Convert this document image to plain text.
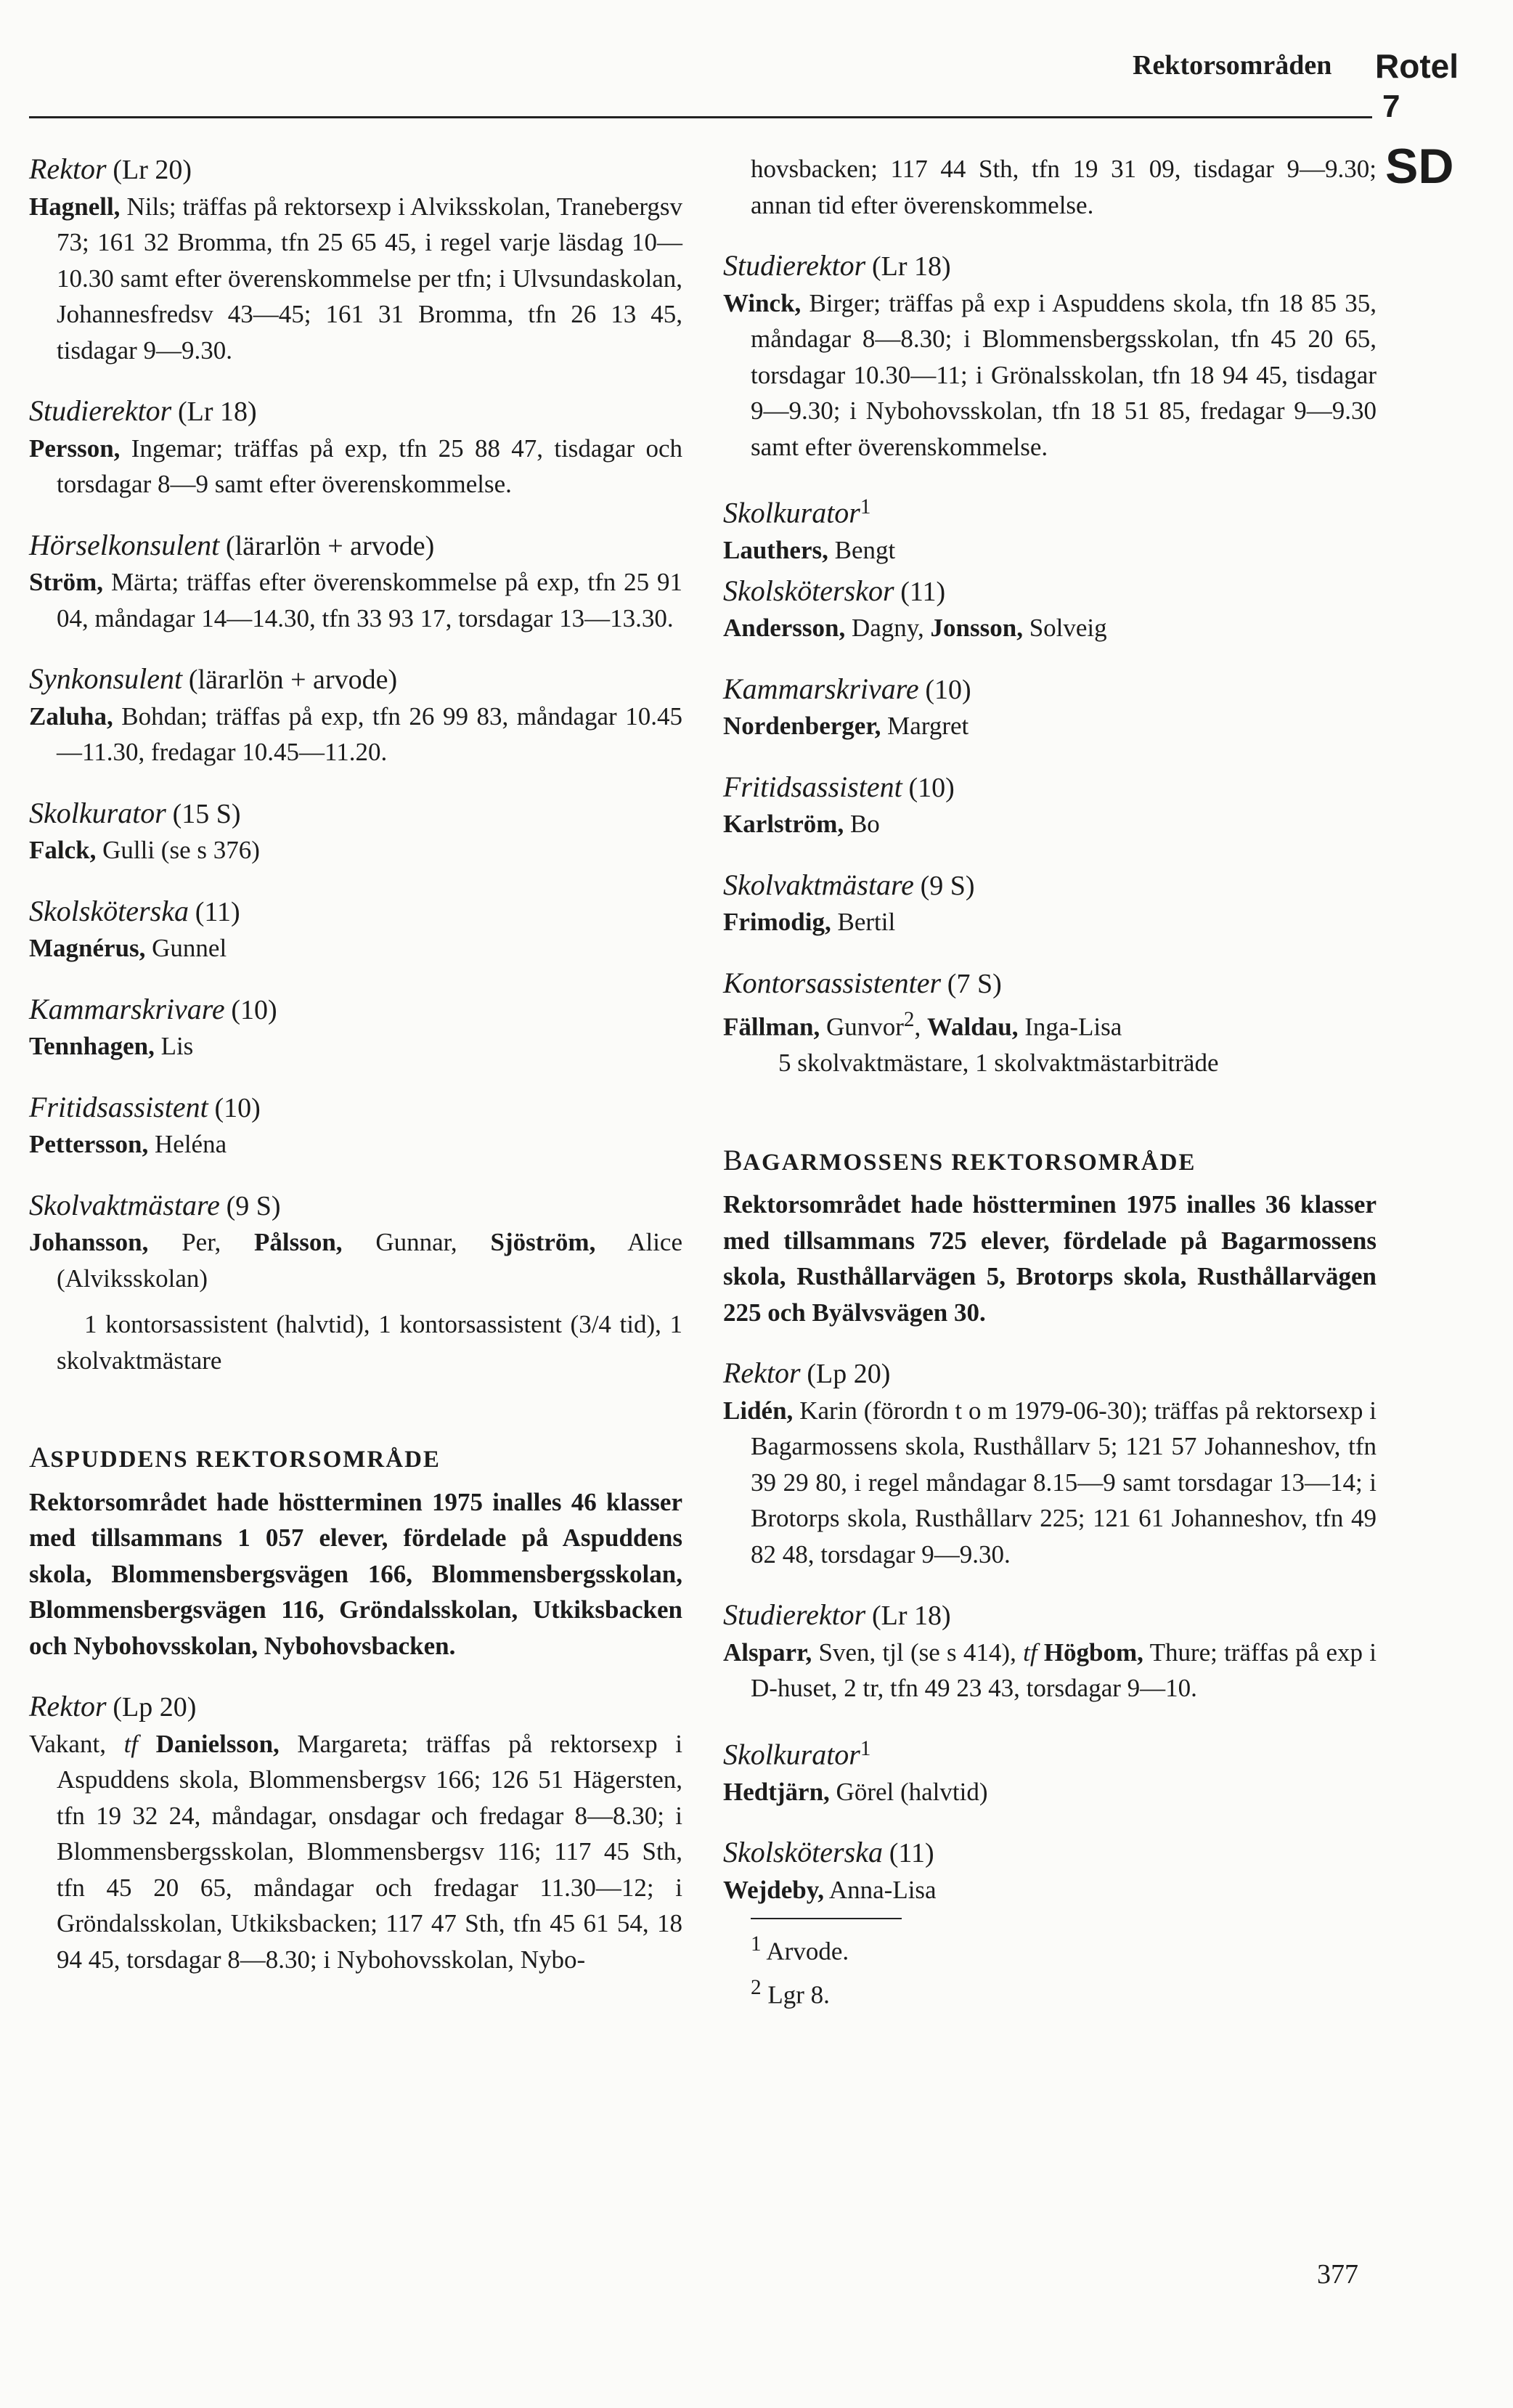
Rektorsområden Rotel
7
SD

Rektor (Lr 20)

Hagnell, Nils; träffas på rektorsexp i Alviksskolan, Tranebergsv 73; 161 32 Bromma, tfn 25 65 45, i regel varje läsdag 10—10.30 samt efter överenskommelse per tfn; i Ulvsundaskolan, Johannesfredsv 43—45; 161 31 Bromma, tfn 26 13 45, tisdagar 9—9.30.

Studierektor (Lr 18)

Persson, Ingemar; träffas på exp, tfn 25 88 47, tisdagar och torsdagar 8—9 samt efter överenskommelse.

Hörselkonsulent (lärarlön + arvode)

Ström, Märta; träffas efter överenskommelse på exp, tfn 25 91 04, måndagar 14—14.30, tfn 33 93 17, torsdagar 13—13.30.

Synkonsulent (lärarlön + arvode)

Zaluha, Bohdan; träffas på exp, tfn 26 99 83, måndagar 10.45—11.30, fredagar 10.45—11.20.

Skolkurator (15 S)

Falck, Gulli (se s 376)

Skolsköterska (11)

Magnérus, Gunnel

Kammarskrivare (10)

Tennhagen, Lis

Fritidsassistent (10)

Pettersson, Heléna

Skolvaktmästare (9 S)

Johansson, Per, Pålsson, Gunnar, Sjöström, Alice (Alviksskolan)

1 kontorsassistent (halvtid), 1 kontorsassistent (3/4 tid), 1 skolvaktmästare

ASPUDDENS REKTORSOMRÅDE

Rektorsområdet hade höstterminen 1975 inalles 46 klasser med tillsammans 1 057 elever, fördelade på Aspuddens skola, Blommensbergsvägen 166, Blommensbergsskolan, Blommensbergsvägen 116, Gröndalsskolan, Utkiksbacken och Nybohovsskolan, Nybohovsbacken.

Rektor (Lp 20)

Vakant, tf Danielsson, Margareta; träffas på rektorsexp i Aspuddens skola, Blommensbergsv 166; 126 51 Hägersten, tfn 19 32 24, måndagar, onsdagar och fredagar 8—8.30; i Blommensbergsskolan, Blommensbergsv 116; 117 45 Sth, tfn 45 20 65, måndagar och fredagar 11.30—12; i Gröndalsskolan, Utkiksbacken; 117 47 Sth, tfn 45 61 54, 18 94 45, torsdagar 8—8.30; i Nybohovsskolan, Nybo-

hovsbacken; 117 44 Sth, tfn 19 31 09, tisdagar 9—9.30; annan tid efter överenskommelse.

Studierektor (Lr 18)

Winck, Birger; träffas på exp i Aspuddens skola, tfn 18 85 35, måndagar 8—8.30; i Blommensbergsskolan, tfn 45 20 65, torsdagar 10.30—11; i Grönalsskolan, tfn 18 94 45, tisdagar 9—9.30; i Nybohovsskolan, tfn 18 51 85, fredagar 9—9.30 samt efter överenskommelse.

Skolkurator$^1$

Lauthers, Bengt

Skolsköterskor (11)

Andersson, Dagny, Jonsson, Solveig

Kammarskrivare (10)

Nordenberger, Margret

Fritidsassistent (10)

Karlström, Bo

Skolvaktmästare (9 S)

Frimodig, Bertil

Kontorsassistenter (7 S)

Fällman, Gunvor$^2$, Waldau, Inga-Lisa

5 skolvaktmästare, 1 skolvaktmästarbiträde

BAGARMOSSENS REKTORSOMRÅDE

Rektorsområdet hade höstterminen 1975 inalles 36 klasser med tillsammans 725 elever, fördelade på Bagarmossens skola, Rusthållarvägen 5, Brotorps skola, Rusthållarvägen 225 och Byälvsvägen 30.

Rektor (Lp 20)

Lidén, Karin (förordn t o m 1979-06-30); träffas på rektorsexp i Bagarmossens skola, Rusthållarv 5; 121 57 Johanneshov, tfn 39 29 80, i regel måndagar 8.15—9 samt torsdagar 13—14; i Brotorps skola, Rusthållarv 225; 121 61 Johanneshov, tfn 49 82 48, torsdagar 9—9.30.

Studierektor (Lr 18)

Alsparr, Sven, tjl (se s 414), tf Högbom, Thure; träffas på exp i D-huset, 2 tr, tfn 49 23 43, torsdagar 9—10.

Skolkurator$^1$

Hedtjärn, Görel (halvtid)

Skolsköterska (11)

Wejdeby, Anna-Lisa

$^1$ Arvode.

$^2$ Lgr 8.

377
